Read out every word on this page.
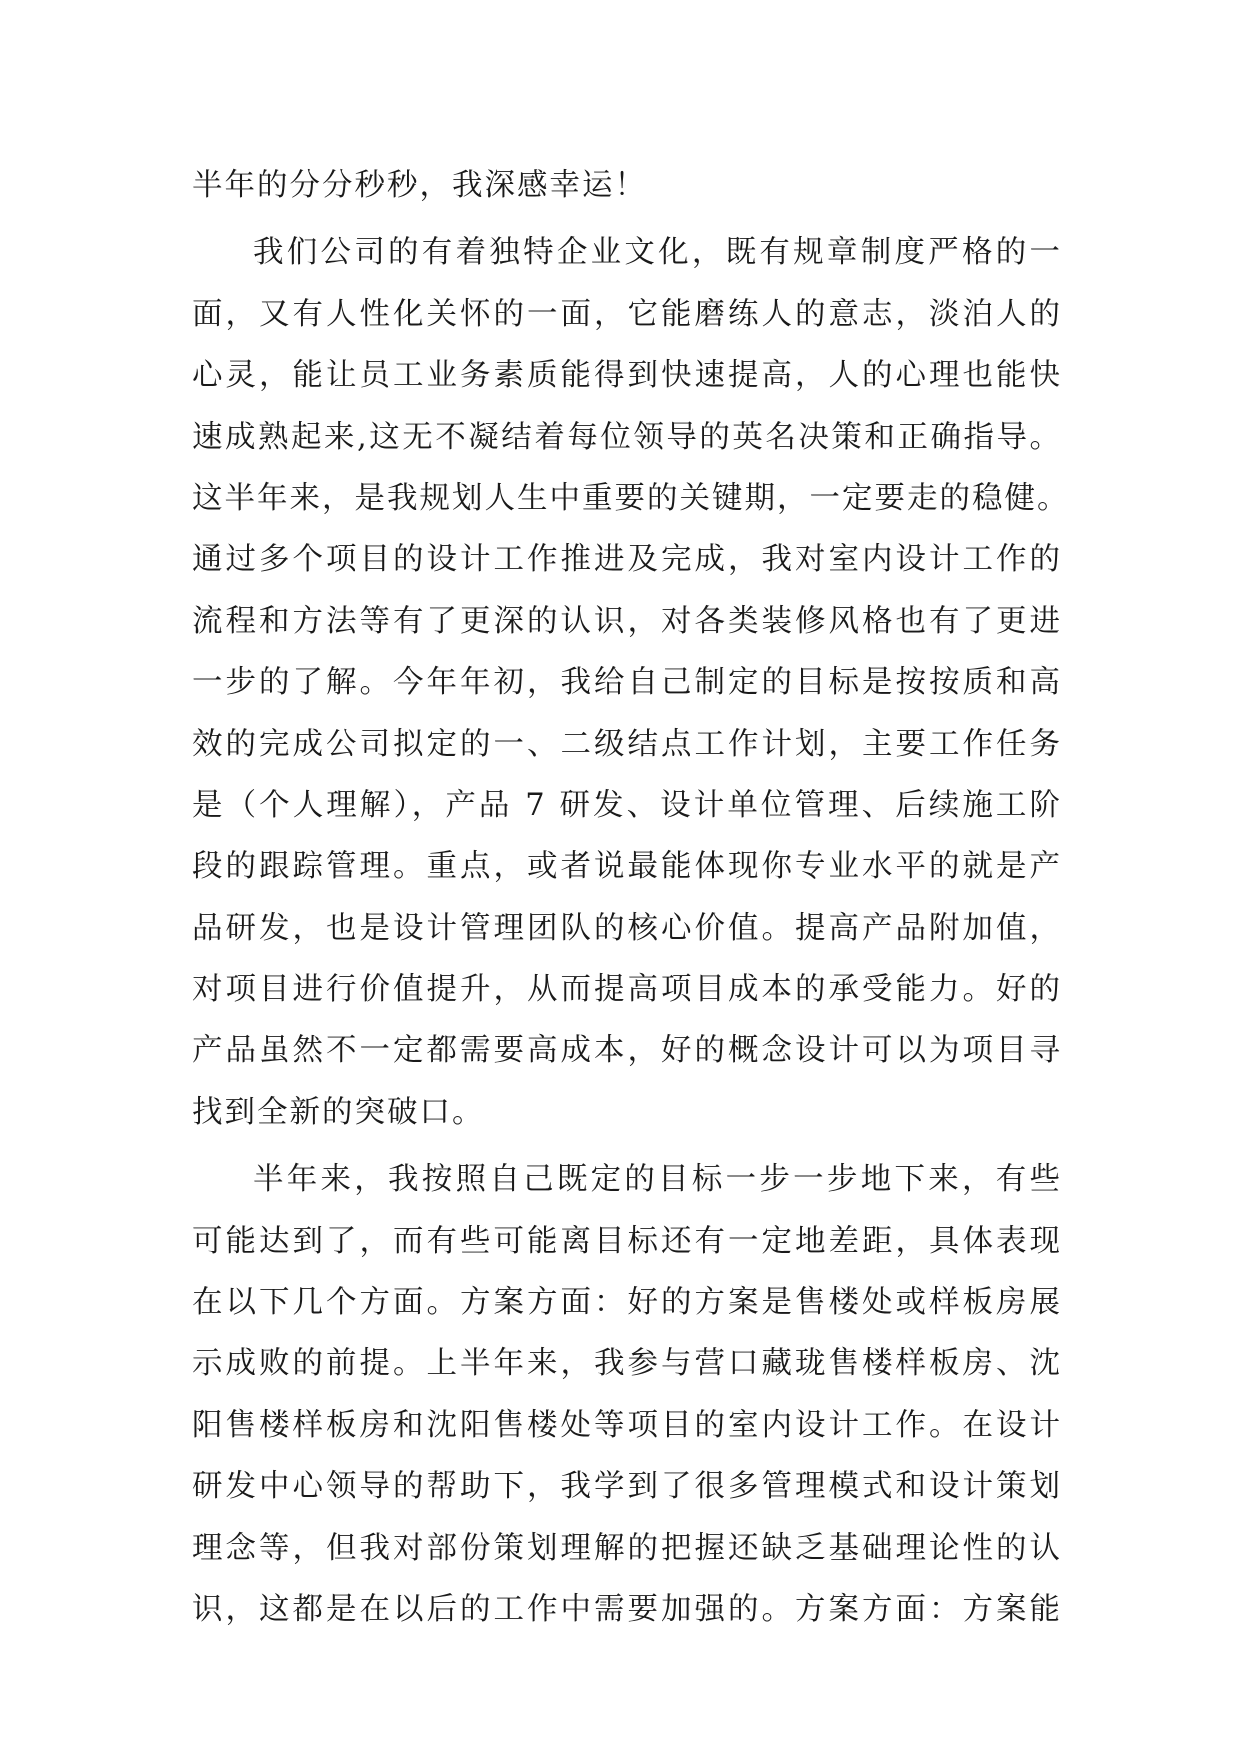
半年的分分秒秒，我深感幸运！
我们公司的有着独特企业文化，既有规章制度严格的一
面，又有人性化关怀的一面，它能磨练人的意志，淡泊人的
心灵，能让员工业务素质能得到快速提高，人的心理也能快
速成熟起来,这无不凝结着每位领导的英名决策和正确指导。
这半年来，是我规划人生中重要的关键期，一定要走的稳健。
通过多个项目的设计工作推进及完成，我对室内设计工作的
流程和方法等有了更深的认识，对各类装修风格也有了更进
一步的了解。今年年初，我给自己制定的目标是按按质和高
效的完成公司拟定的一、二级结点工作计划，主要工作任务
是（个人理解），产品 7 研发、设计单位管理、后续施工阶
段的跟踪管理。重点，或者说最能体现你专业水平的就是产
品研发，也是设计管理团队的核心价值。提高产品附加值，
对项目进行价值提升，从而提高项目成本的承受能力。好的
产品虽然不一定都需要高成本，好的概念设计可以为项目寻
找到全新的突破口。
半年来，我按照自己既定的目标一步一步地下来，有些
可能达到了，而有些可能离目标还有一定地差距，具体表现
在以下几个方面。方案方面：好的方案是售楼处或样板房展
示成败的前提。上半年来，我参与营口藏珑售楼样板房、沈
阳售楼样板房和沈阳售楼处等项目的室内设计工作。在设计
研发中心领导的帮助下，我学到了很多管理模式和设计策划
理念等，但我对部份策划理解的把握还缺乏基础理论性的认
识，这都是在以后的工作中需要加强的。方案方面：方案能
